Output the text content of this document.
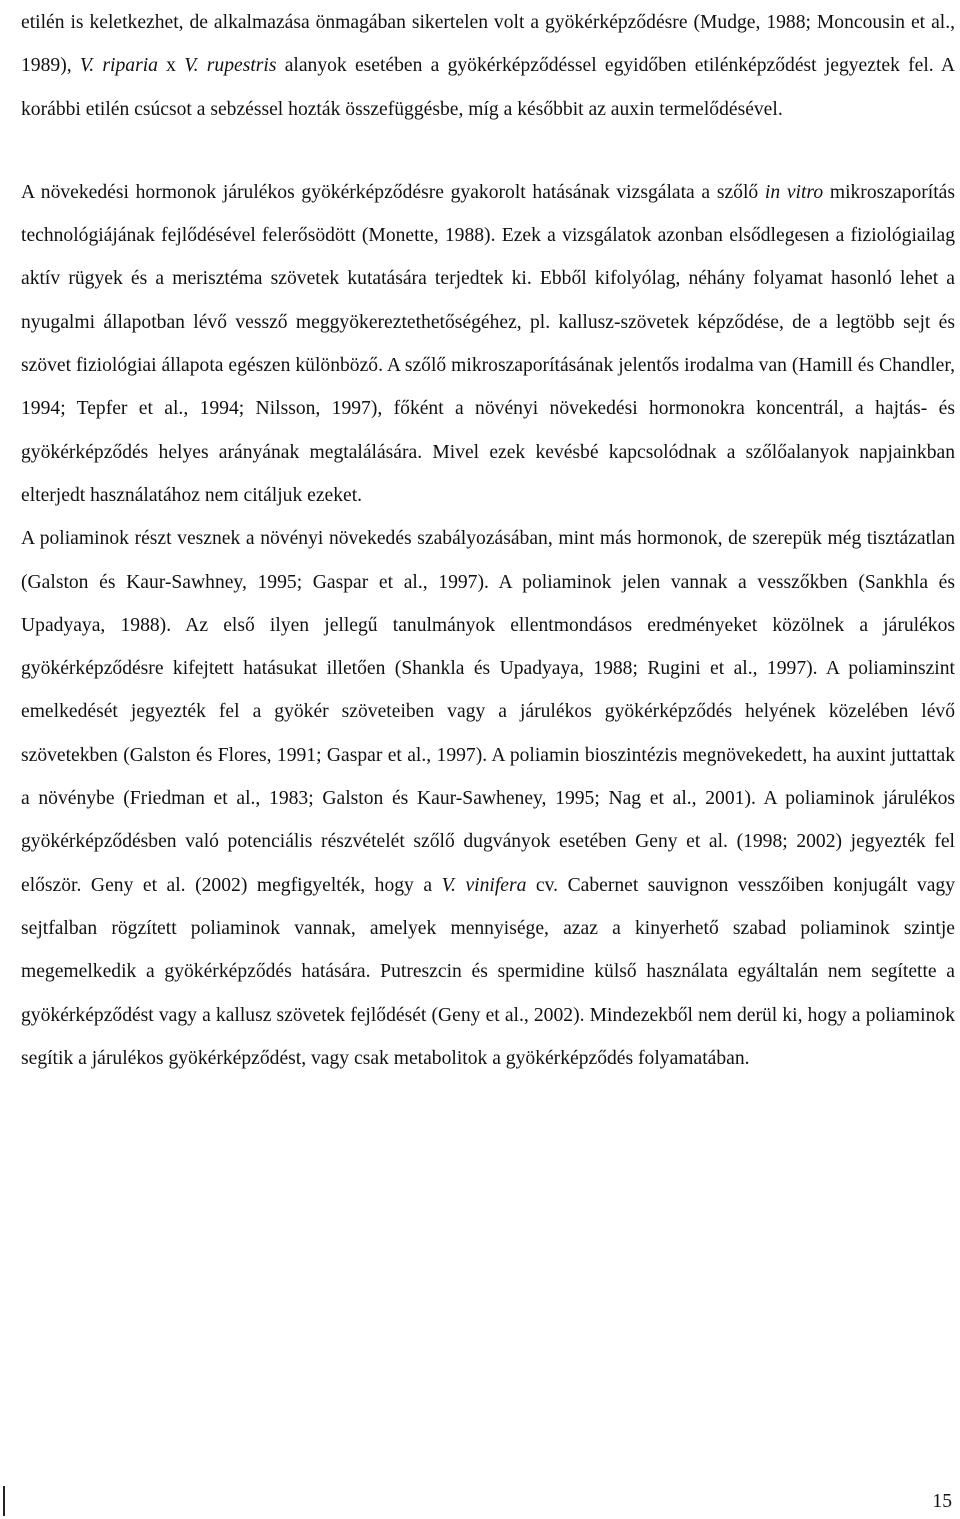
etilén is keletkezhet, de alkalmazása önmagában sikertelen volt a gyökérképződésre (Mudge, 1988; Moncousin et al., 1989), V. riparia x V. rupestris alanyok esetében a gyökérképződéssel egyidőben etilénképződést jegyeztek fel. A korábbi etilén csúcsot a sebzéssel hozták összefüggésbe, míg a későbbit az auxin termelődésével.

A növekedési hormonok járulékos gyökérképződésre gyakorolt hatásának vizsgálata a szőlő in vitro mikroszaporítás technológiájának fejlődésével felerősödött (Monette, 1988). Ezek a vizsgálatok azonban elsődlegesen a fiziológiailag aktív rügyek és a merisztéma szövetek kutatására terjedtek ki. Ebből kifolyólag, néhány folyamat hasonló lehet a nyugalmi állapotban lévő vessző meggyökereztethetőségéhez, pl. kallusz-szövetek képződése, de a legtöbb sejt és szövet fiziológiai állapota egészen különböző. A szőlő mikroszaporításának jelentős irodalma van (Hamill és Chandler, 1994; Tepfer et al., 1994; Nilsson, 1997), főként a növényi növekedési hormonokra koncentrál, a hajtás- és gyökérképződés helyes arányának megtalálására. Mivel ezek kevésbé kapcsolódnak a szőlőalanyok napjainkban elterjedt használatához nem citáljuk ezeket.

A poliaminok részt vesznek a növényi növekedés szabályozásában, mint más hormonok, de szerepük még tisztázatlan (Galston és Kaur-Sawhney, 1995; Gaspar et al., 1997). A poliaminok jelen vannak a vesszőkben (Sankhla és Upadyaya, 1988). Az első ilyen jellegű tanulmányok ellentmondásos eredményeket közölnek a járulékos gyökérképződésre kifejtett hatásukat illetően (Shankla és Upadyaya, 1988; Rugini et al., 1997). A poliaminszint emelkedését jegyezték fel a gyökér szöveteiben vagy a járulékos gyökérképződés helyének közelében lévő szövetekben (Galston és Flores, 1991; Gaspar et al., 1997). A poliamin bioszintézis megnövekedett, ha auxint juttattak a növénybe (Friedman et al., 1983; Galston és Kaur-Sawheney, 1995; Nag et al., 2001). A poliaminok járulékos gyökérképződésben való potenciális részvételét szőlő dugványok esetében Geny et al. (1998; 2002) jegyezték fel először. Geny et al. (2002) megfigyelték, hogy a V. vinifera cv. Cabernet sauvignon vesszőiben konjugált vagy sejtfalban rögzített poliaminok vannak, amelyek mennyisége, azaz a kinyerhető szabad poliaminok szintje megemelkedik a gyökérképződés hatására. Putreszcin és spermidine külső használata egyáltalán nem segítette a gyökérképződést vagy a kallusz szövetek fejlődését (Geny et al., 2002). Mindezekből nem derül ki, hogy a poliaminok segítik a járulékos gyökérképződést, vagy csak metabolitok a gyökérképződés folyamatában.

15
